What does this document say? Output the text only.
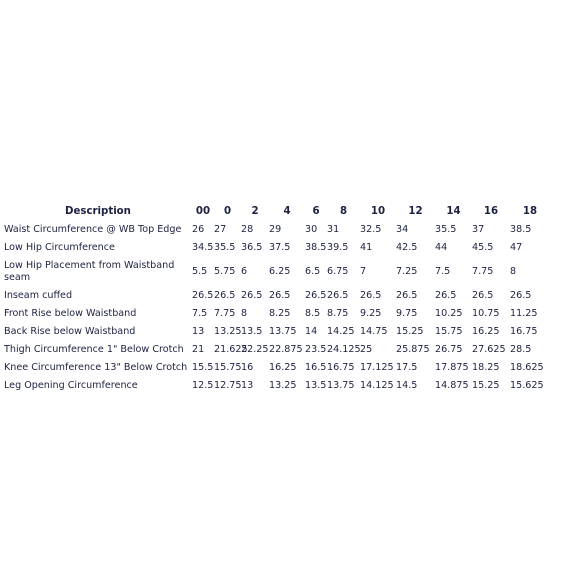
Description	00	0	2	4	6	8	10	12	14	16	18
Waist Circumference @ WB Top Edge	26	27	28	29	30	31	32.5	34	35.5	37	38.5
Low Hip Circumference	34.5	35.5	36.5	37.5	38.5	39.5	41	42.5	44	45.5	47
Low Hip Placement from Waistband seam	5.5	5.75	6	6.25	6.5	6.75	7	7.25	7.5	7.75	8
Inseam cuffed	26.5	26.5	26.5	26.5	26.5	26.5	26.5	26.5	26.5	26.5	26.5
Front Rise below Waistband	7.5	7.75	8	8.25	8.5	8.75	9.25	9.75	10.25	10.75	11.25
Back Rise below Waistband	13	13.25	13.5	13.75	14	14.25	14.75	15.25	15.75	16.25	16.75
Thigh Circumference 1" Below Crotch	21	21.625	22.25	22.875	23.5	24.125	25	25.875	26.75	27.625	28.5
Knee Circumference 13" Below Crotch	15.5	15.75	16	16.25	16.5	16.75	17.125	17.5	17.875	18.25	18.625
Leg Opening Circumference	12.5	12.75	13	13.25	13.5	13.75	14.125	14.5	14.875	15.25	15.625
